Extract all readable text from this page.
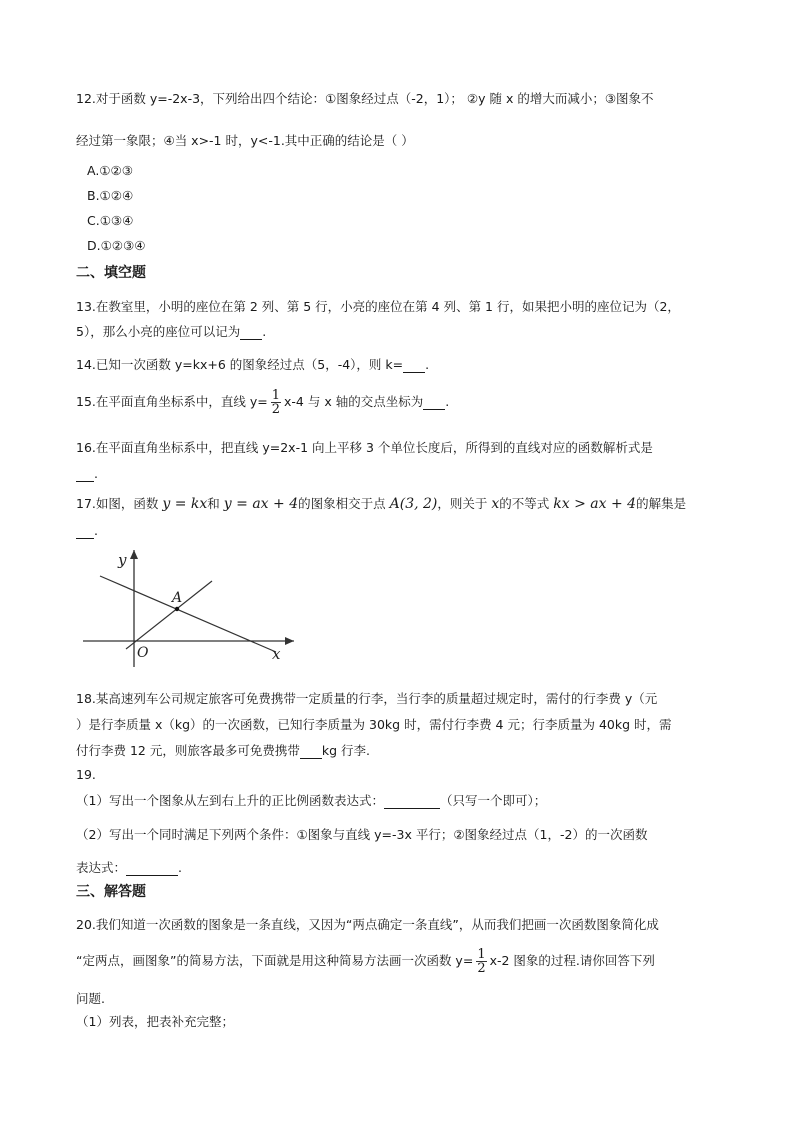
12.对于函数 y=-2x-3，下列给出四个结论：①图象经过点（-2，1）； ②y 随 x 的增大而减小；③图象不
经过第一象限；④当 x>-1 时，y<-1.其中正确的结论是（ ）
A.①②③
B.①②④
C.①③④
D.①②③④
二、填空题
13.在教室里，小明的座位在第 2 列、第 5 行，小亮的座位在第 4 列、第 1 行，如果把小明的座位记为（2，
5），那么小亮的座位可以记为 .
14.已知一次函数 y=kx+6 的图象经过点（5，-4），则 k= .
15.在平面直角坐标系中，直线 $y= \frac{1}{2} x-4$ 与 x 轴的交点坐标为 .
16.在平面直角坐标系中，把直线 y=2x-1 向上平移 3 个单位长度后，所得到的直线对应的函数解析式是
.
17.如图，函数 y = kx和 y = ax + 4的图象相交于点 A(3, 2)，则关于 x的不等式 kx > ax + 4的解集是
.
A
y
x
O
18.某高速列车公司规定旅客可免费携带一定质量的行李，当行李的质量超过规定时，需付的行李费 y（元
）是行李质量 x（kg）的一次函数，已知行李质量为 30kg 时，需付行李费 4 元；行李质量为 40kg 时，需
付行李费 12 元，则旅客最多可免费携带 kg 行李.
19.
（1）写出一个图象从左到右上升的正比例函数表达式：	（只写一个即可）；
（2）写出一个同时满足下列两个条件：①图象与直线 y=-3x 平行；②图象经过点（1，-2）的一次函数
表达式：	.
三、解答题
20.我们知道一次函数的图象是一条直线，又因为“两点确定一条直线”，从而我们把画一次函数图象简化成
“定两点，画图象”的简易方法，下面就是用这种简易方法画一次函数 $y= \frac{1}{2} x-2$ 图象的过程.请你回答下列
问题.
（1）列表，把表补充完整；
